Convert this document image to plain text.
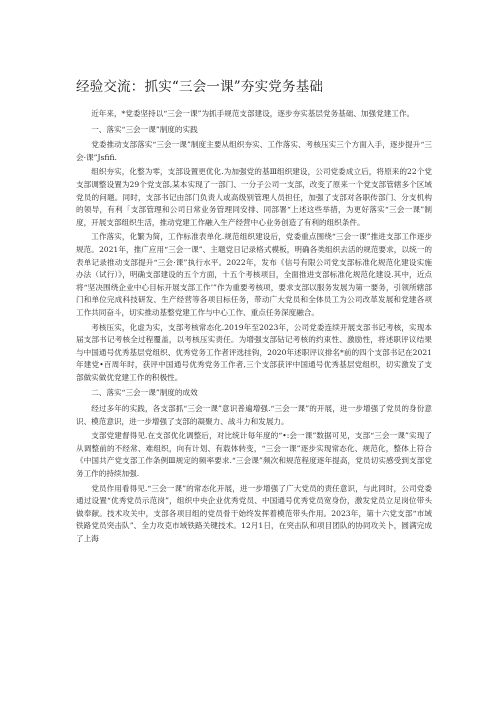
经验交流：抓实“三会一课”夯实党务基础

近年来，*党委坚持以“三会一课”为抓手规范支部建设，逐步夯实基层党务基础、加强党建工作。

一、落实“三会一课”制度的实践

党委推动支部落实“三会一课”制度主要从组织夯实、工作落实、考核压实三个方面入手，逐步提升“三会·课”Jsfifi.

组织夯实，化整为零，支部设置更优化.为加强党的基Ⅲ组织建设，公司党委成立后，将原来的22个党支部调整设置为29个党支部,某本实现了一部门、一分子公司一支部，改变了原来一个党支部管辖多个区域党员的问题。同时，支部书记由部门负责人或高级别管理人员担任，加强了支部对各职传部门、分支机构的领导，有利「支部管理和公司日常业务管理同安排、同部署“上述这些举措，为更好落实“三会一课”制度，开展支部组织生活，推动党建工作融入生产经营中心业务创造了有利的组织条件。

工作落实，化繁为简，工作标准表单化.规范组织建设后，党委重点围绕“三会一课”推进支部工作逐步规范。2021年，推广应用“三会一课”、主题党日记录格式模板，明确各类组织去活的规范要求，以统一的表单记录推动支部提升“三会·课”执行水平。2022年，发布《信号有限公司党支部标准化规范化建设实施办法（试行）》，明确支部建设的五个方面，十五个考核项目，全面推进支部标准化规范化建设.其中，近点将“坚决围绕企业中心目标开展支部工作’”作为重要考核项，要求支部以服务发展为第一要务，引领所辖部门和单位完成科技研发、生产经营等各项目标任务，带动广大党员和全体员工为公司改革发展和党建各项工作共同奋斗，切实推动基整党建工作与中心工作、重点任务深度融合。

考核压实，化虚为实，支部考核常态化.2019年至2023年，公司党委连续开展支部书记考核，实现本届支部书记考核全过程覆盖，以考核压实责任。为增强支部钻记考核的约束性、激励性，将述职评议结果与中国通号优秀基层党组织、优秀党务工作者评选挂钩，2020年述职评议排名*前的四个支部书记在2021年建党•百周年时，获评中国通号优秀党务工作者,三个支部获评中国通号优秀基层党组织，切实激发了支部做实做优党建工作的积极性。

二、落实“三会一课”制度的成效

经过多年的实践，各支部抓“三会一课”意识普遍增强.“三会一课”的开展，进一步增强了党员的身份意识、模范意识，进一步增强了支部的凝聚力、战斗力和发展力。

支部党建督得见.在支部优化调整后，对比统计每年度的“•:会一课”数据可见，支部“三会一课”实现了从调整前的不经常、难组织，向有计划、有载体转变，“三会一课”逐步实现常态化、规范化，整体上符合《中国共产党支部工作条例Ⅲ规定的频率要求.“三会课”频次和规范程度逐年提高，党员切实感受到支部党务工作的持续加强.

党员作用看得见.“三会一课”的常态化开展，进一步增强了广大党员的责任意识，与此同时，公司党委通过设置“优秀党员示范岗”，组织中央企业优秀党员、中国通号优秀党员宽身份，激发党员立足岗位带头做奉献。技术攻关中，支部各项目组的党员骨干始终发挥着模范带头作用。2023年，第十六党支部“市域铁路党员突击队”、全力攻克市域铁路关键技术。12月1日，在突击队和项目团队的协同攻关卜，圆满完成了上海
